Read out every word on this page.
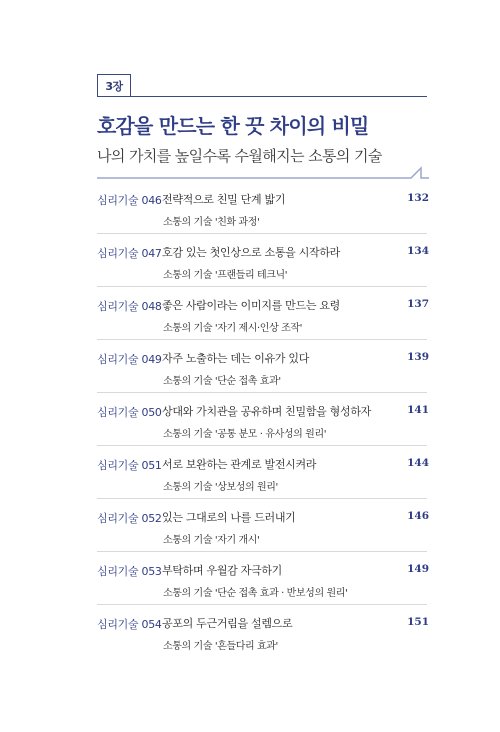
3장
호감을 만드는 한 끗 차이의 비밀
나의 가치를 높일수록 수월해지는 소통의 기술
심리기술 046 전략적으로 친밀 단계 밟기
소통의 기술 '친화 과정'
132
심리기술 047 호감 있는 첫인상으로 소통을 시작하라
소통의 기술 '프랜들리 테크닉'
134
심리기술 048 좋은 사람이라는 이미지를 만드는 요령
소통의 기술 '자기 제시·인상 조작'
137
심리기술 049 자주 노출하는 데는 이유가 있다
소통의 기술 '단순 접촉 효과'
139
심리기술 050 상대와 가치관을 공유하며 친밀함을 형성하자
소통의 기술 '공통 분모 · 유사성의 원리'
141
심리기술 051 서로 보완하는 관계로 발전시켜라
소통의 기술 '상보성의 원리'
144
심리기술 052 있는 그대로의 나를 드러내기
소통의 기술 '자기 개시'
146
심리기술 053 부탁하며 우월감 자극하기
소통의 기술 '단순 접촉 효과 · 반보성의 원리'
149
심리기술 054 공포의 두근거림을 설렘으로
소통의 기술 '흔들다리 효과'
151
